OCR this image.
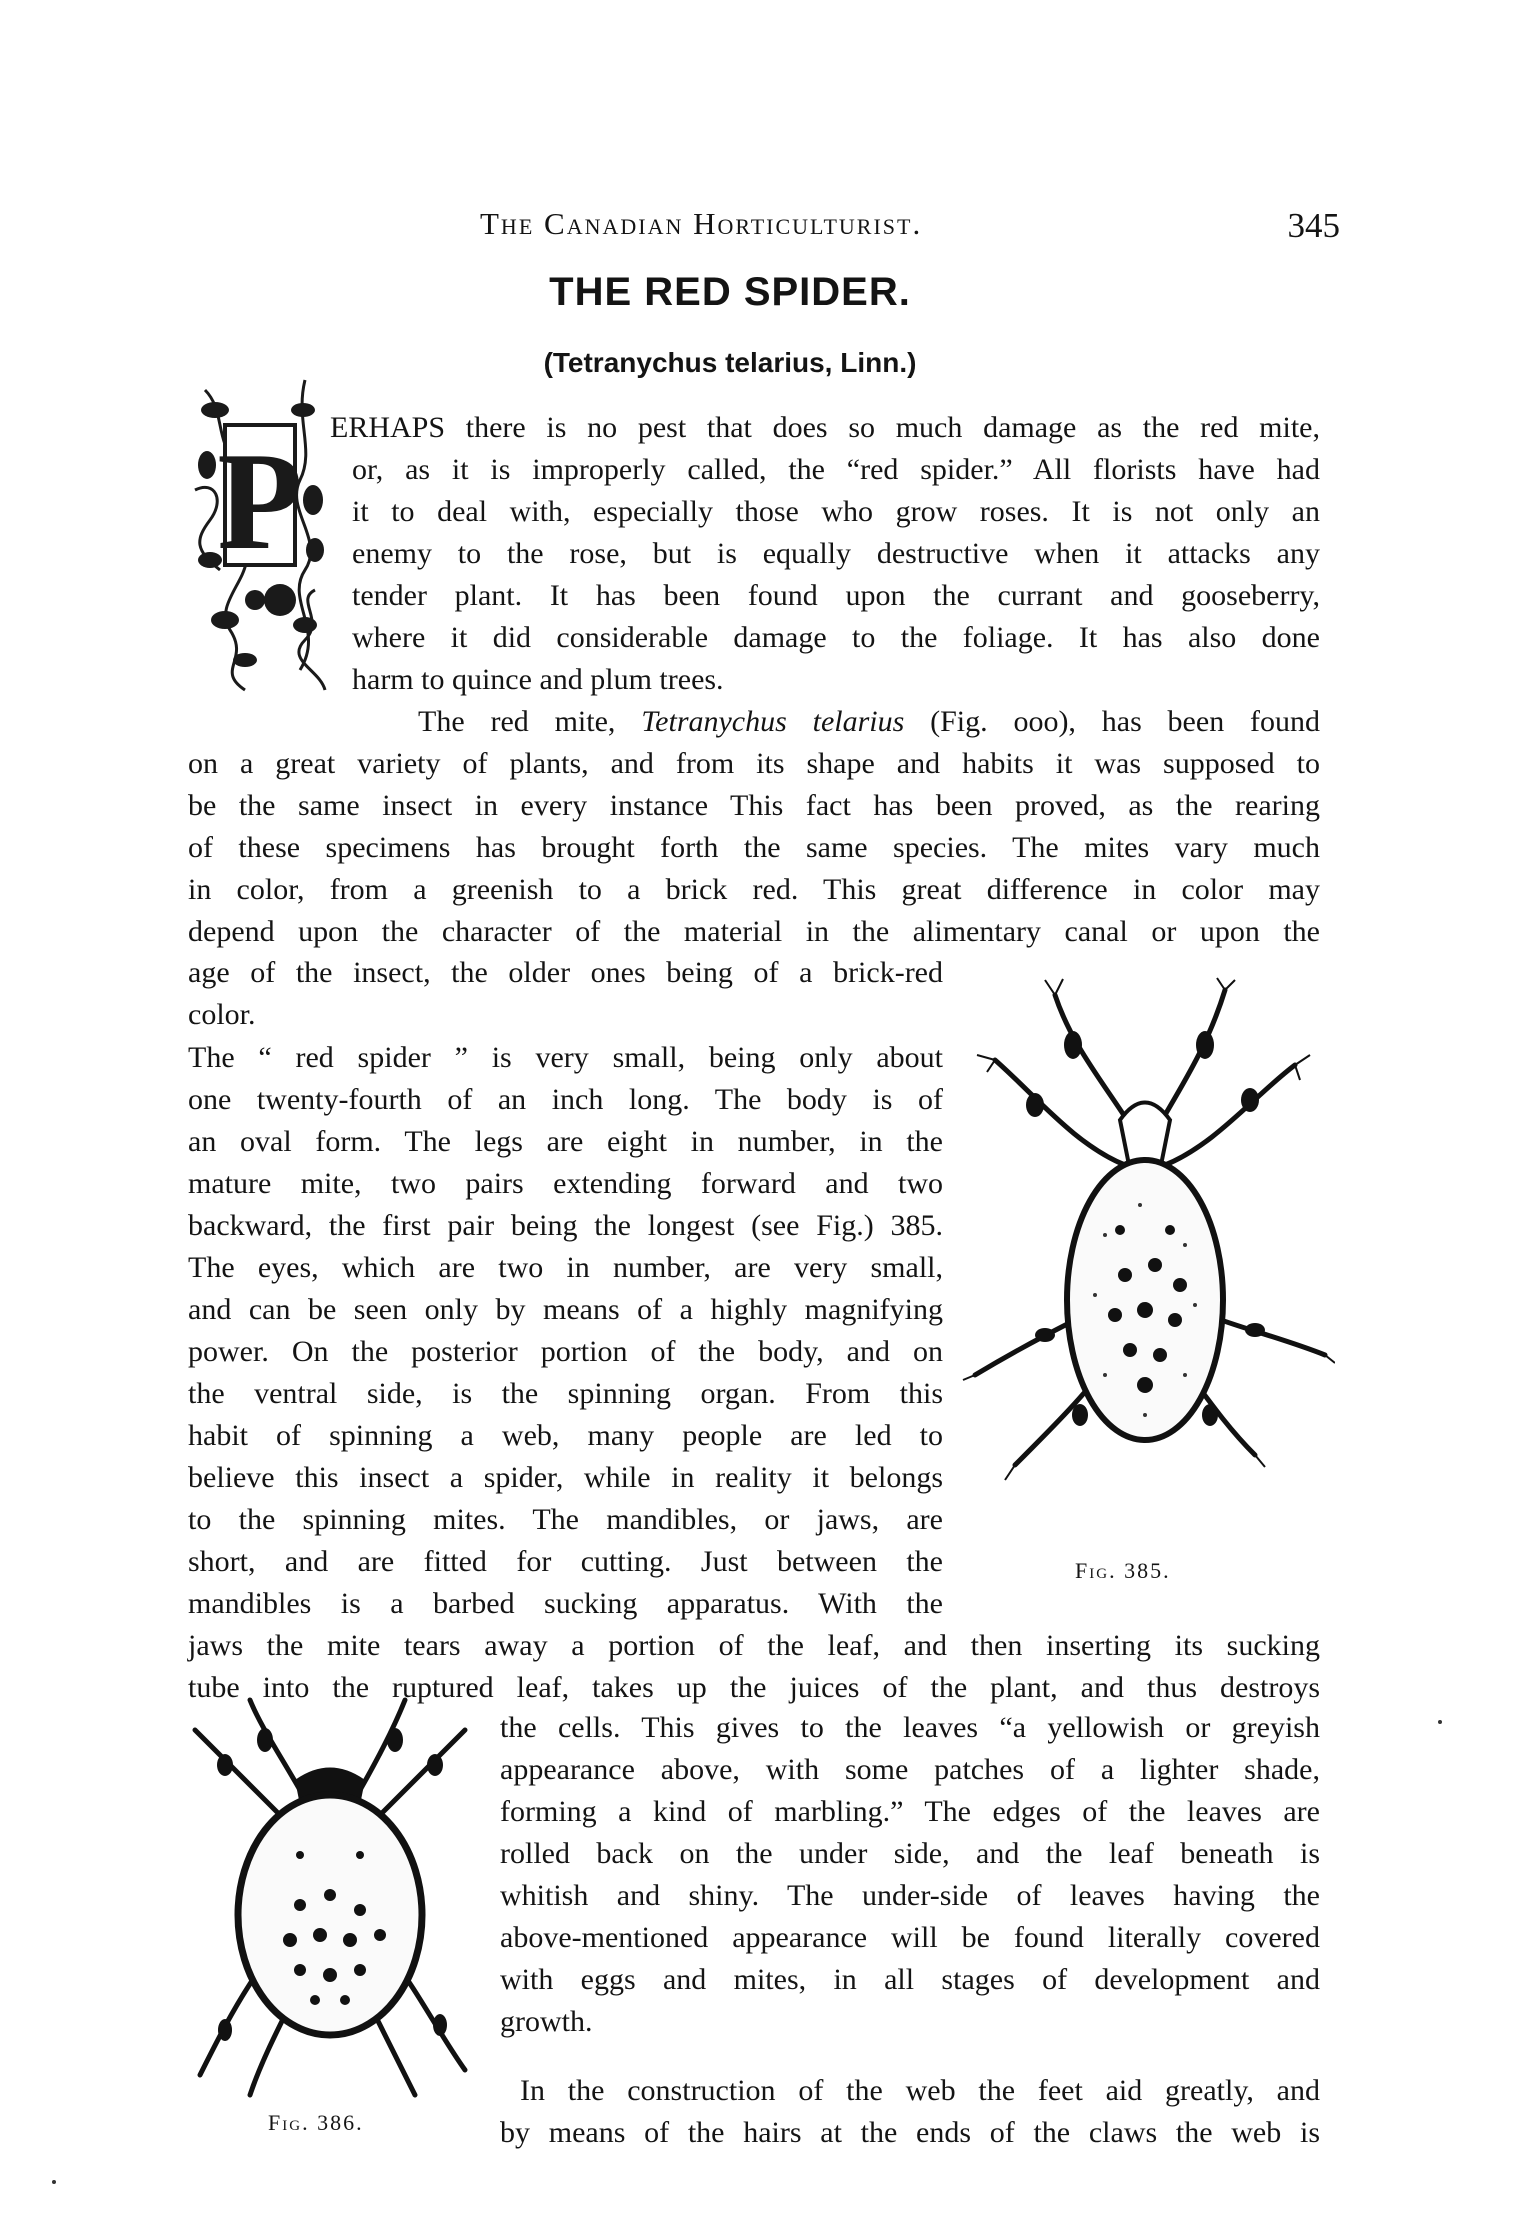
The Canadian Horticulturist.	345
THE RED SPIDER.
(Tetranychus telarius, Linn.)
P ERHAPS there is no pest that does so much damage as the red mite,
or, as it is improperly called, the “red spider.” All florists have had
it to deal with, especially those who grow roses. It is not only an
enemy to the rose, but is equally destructive when it attacks any
tender plant. It has been found upon the currant and gooseberry,
where it did considerable damage to the foliage. It has also done
harm to quince and plum trees.
The red mite, Tetranychus telarius (Fig. ooo), has been found
on a great variety of plants, and from its shape and habits it was supposed to
be the same insect in every instance This fact has been proved, as the rearing
of these specimens has brought forth the same species. The mites vary much
in color, from a greenish to a brick red. This great difference in color may
depend upon the character of the material in the alimentary canal or upon the
age of the insect, the older ones being of a brick-red
color.
The “ red spider ” is very small, being only about
one twenty-fourth of an inch long. The body is of
an oval form. The legs are eight in number, in the
mature mite, two pairs extending forward and two
backward, the first pair being the longest (see Fig.) 385.
The eyes, which are two in number, are very small,
and can be seen only by means of a highly magnifying
power. On the posterior portion of the body, and on
the ventral side, is the spinning organ. From this
habit of spinning a web, many people are led to
believe this insect a spider, while in reality it belongs
to the spinning mites. The mandibles, or jaws, are
short, and are fitted for cutting. Just between the
mandibles is a barbed sucking apparatus. With the
jaws the mite tears away a portion of the leaf, and then inserting its sucking
tube into the ruptured leaf, takes up the juices of the plant, and thus destroys
the cells. This gives to the leaves “a yellowish or greyish
appearance above, with some patches of a lighter shade,
forming a kind of marbling.” The edges of the leaves are
rolled back on the under side, and the leaf beneath is
whitish and shiny. The under-side of leaves having the
above-mentioned appearance will be found literally covered
with eggs and mites, in all stages of development and
growth.
In the construction of the web the feet aid greatly, and
by means of the hairs at the ends of the claws the web is
Fig. 385.
Fig. 386.
